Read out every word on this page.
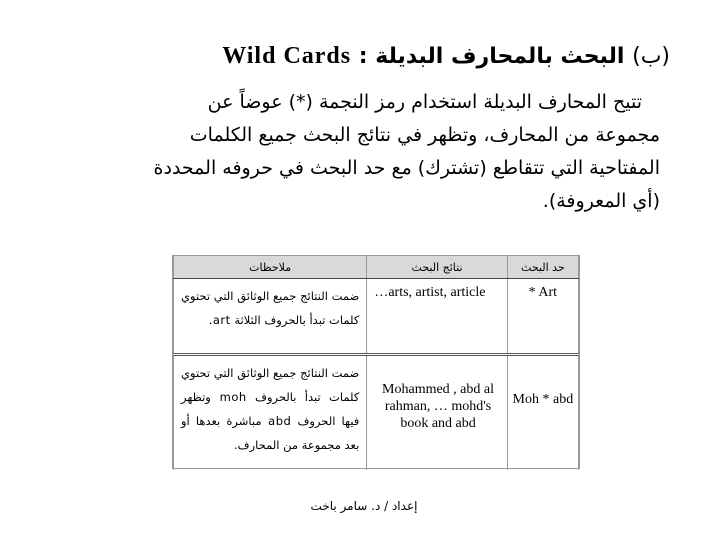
(ب) البحث بالمحارف البديلة : Wild Cards
تتيح المحارف البديلة استخدام رمز النجمة (*) عوضاً عن
مجموعة من المحارف، وتظهر في نتائج البحث جميع الكلمات
المفتاحية التي تتقاطع (تشترك) مع حد البحث في حروفه المحددة
(أي المعروفة).
حد البحث	نتائج البحث	ملاحظات

* Art	…arts, artist, article	ضمت النتائج جميع الوثائق التي تحتوي كلمات تبدأ بالحروف الثلاثة art.

Moh * abd	Mohammed , abd al rahman, … mohd's book and abd	ضمت النتائج جميع الوثائق التي تحتوي كلمات تبدأ بالحروف moh وتظهر فيها الحروف abd مباشرة بعدها أو بعد مجموعة من المحارف.
إعداد / د. سامر باخت
